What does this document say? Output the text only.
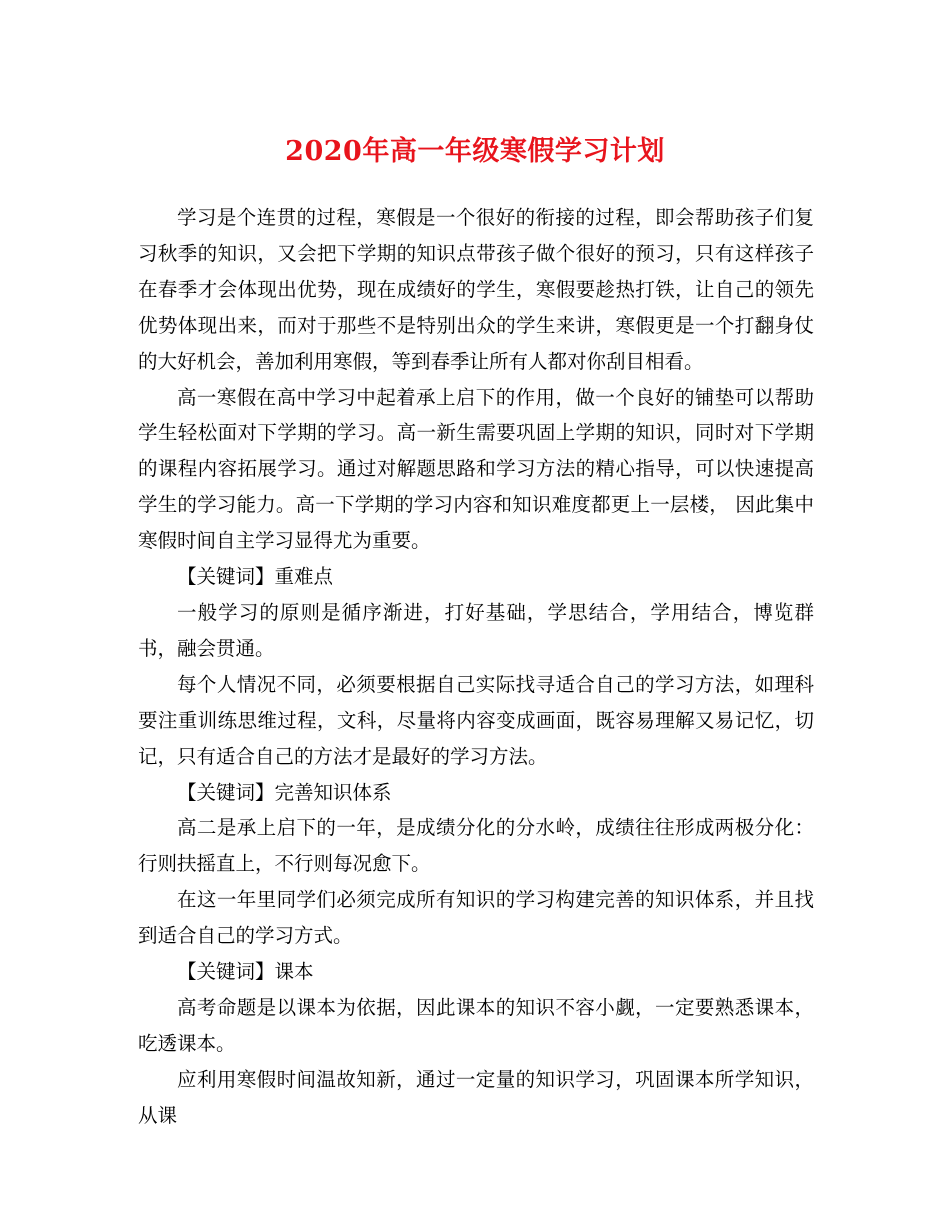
2020年高一年级寒假学习计划

学习是个连贯的过程，寒假是一个很好的衔接的过程，即会帮助孩子们复习秋季的知识，又会把下学期的知识点带孩子做个很好的预习，只有这样孩子在春季才会体现出优势，现在成绩好的学生，寒假要趁热打铁，让自己的领先优势体现出来，而对于那些不是特别出众的学生来讲，寒假更是一个打翻身仗的大好机会，善加利用寒假，等到春季让所有人都对你刮目相看。

高一寒假在高中学习中起着承上启下的作用，做一个良好的铺垫可以帮助学生轻松面对下学期的学习。高一新生需要巩固上学期的知识，同时对下学期的课程内容拓展学习。通过对解题思路和学习方法的精心指导，可以快速提高学生的学习能力。高一下学期的学习内容和知识难度都更上一层楼， 因此集中寒假时间自主学习显得尤为重要。

【关键词】重难点

一般学习的原则是循序渐进，打好基础，学思结合，学用结合，博览群书，融会贯通。

每个人情况不同，必须要根据自己实际找寻适合自己的学习方法，如理科要注重训练思维过程，文科，尽量将内容变成画面，既容易理解又易记忆，切记，只有适合自己的方法才是最好的学习方法。

【关键词】完善知识体系

高二是承上启下的一年，是成绩分化的分水岭，成绩往往形成两极分化：行则扶摇直上，不行则每况愈下。

在这一年里同学们必须完成所有知识的学习构建完善的知识体系，并且找到适合自己的学习方式。

【关键词】课本

高考命题是以课本为依据，因此课本的知识不容小觑，一定要熟悉课本，吃透课本。

应利用寒假时间温故知新，通过一定量的知识学习，巩固课本所学知识，从课
